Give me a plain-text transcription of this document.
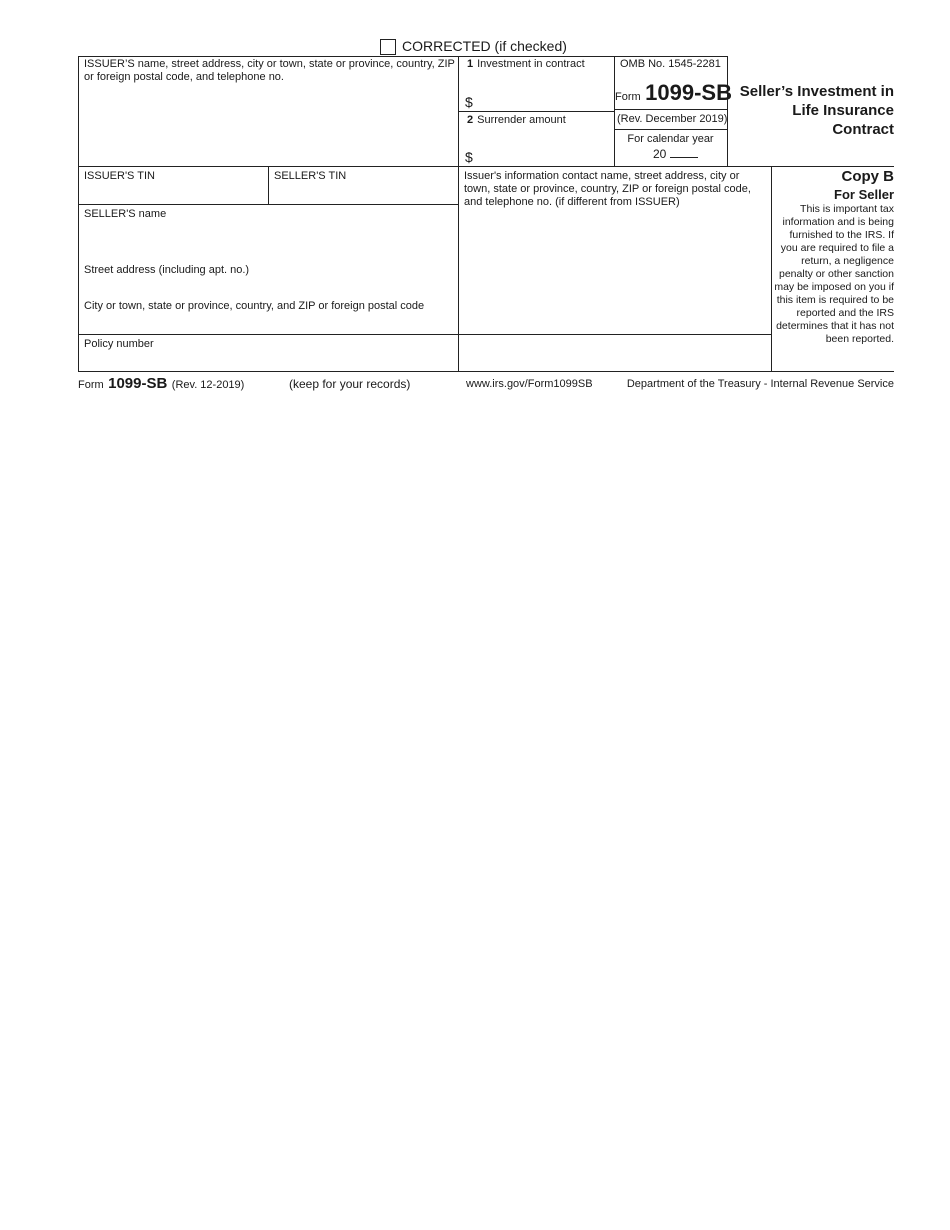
CORRECTED (if checked)
ISSUER’S name, street address, city or town, state or province, country, ZIP or foreign postal code, and telephone no.
1 Investment in contract
$
2 Surrender amount
$
OMB No. 1545-2281
Form 1099-SB
(Rev. December 2019)
For calendar year
20
Seller’s Investment in
Life Insurance
Contract
ISSUER'S TIN	SELLER'S TIN
SELLER'S name
Street address (including apt. no.)
City or town, state or province, country, and ZIP or foreign postal code
Policy number
Issuer's information contact name, street address, city or town, state or province, country, ZIP or foreign postal code, and telephone no. (if different from ISSUER)
Copy B
For Seller
This is important tax information and is being furnished to the IRS. If you are required to file a return, a negligence penalty or other sanction may be imposed on you if this item is required to be reported and the IRS determines that it has not been reported.
Form 1099-SB (Rev. 12-2019)	(keep for your records)	www.irs.gov/Form1099SB	Department of the Treasury - Internal Revenue Service
